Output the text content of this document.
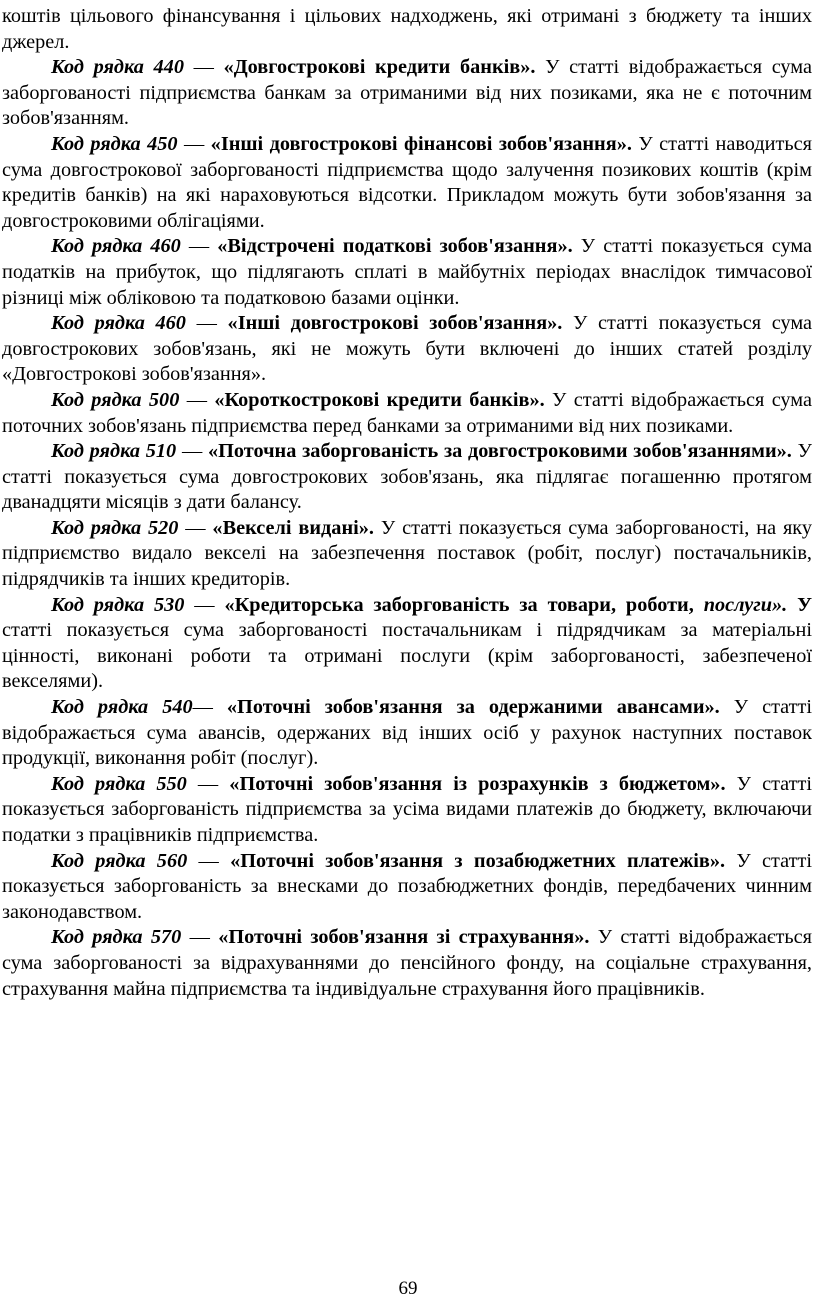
коштів цільового фінансування і цільових надходжень, які отримані з бюджету та інших джерел.

Код рядка 440 — «Довгострокові кредити банків». У статті відображається сума заборгованості підприємства банкам за отриманими від них позиками, яка не є поточним зобов'язанням.

Код рядка 450 — «Інші довгострокові фінансові зобов'язання». У статті наводиться сума довгострокової заборгованості підприємства щодо залучення позикових коштів (крім кредитів банків) на які нараховуються відсотки. Прикладом можуть бути зобов'язання за довгостроковими облігаціями.

Код рядка 460 — «Відстрочені податкові зобов'язання». У статті показується сума податків на прибуток, що підлягають сплаті в майбутніх періодах внаслідок тимчасової різниці між обліковою та податковою базами оцінки.

Код рядка 460 — «Інші довгострокові зобов'язання». У статті показується сума довгострокових зобов'язань, які не можуть бути включені до інших статей розділу «Довгострокові зобов'язання».

Код рядка 500 — «Короткострокові кредити банків». У статті відображається сума поточних зобов'язань підприємства перед банками за отриманими від них позиками.

Код рядка 510 — «Поточна заборгованість за довгостроковими зобов'язаннями». У статті показується сума довгострокових зобов'язань, яка підлягає погашенню протягом дванадцяти місяців з дати балансу.

Код рядка 520 — «Векселі видані». У статті показується сума заборгованості, на яку підприємство видало векселі на забезпечення поставок (робіт, послуг) постачальників, підрядчиків та інших кредиторів.

Код рядка 530 — «Кредиторська заборгованість за товари, роботи, послуги». У статті показується сума заборгованості постачальникам і підрядчикам за матеріальні цінності, виконані роботи та отримані послуги (крім заборгованості, забезпеченої векселями).

Код рядка 540— «Поточні зобов'язання за одержаними авансами». У статті відображається сума авансів, одержаних від інших осіб у рахунок наступних поставок продукції, виконання робіт (послуг).

Код рядка 550 — «Поточні зобов'язання із розрахунків з бюджетом». У статті показується заборгованість підприємства за усіма видами платежів до бюджету, включаючи податки з працівників підприємства.

Код рядка 560 — «Поточні зобов'язання з позабюджетних платежів». У статті показується заборгованість за внесками до позабюджетних фондів, передбачених чинним законодавством.

Код рядка 570 — «Поточні зобов'язання зі страхування». У статті відображається сума заборгованості за відрахуваннями до пенсійного фонду, на соціальне страхування, страхування майна підприємства та індивідуальне страхування його працівників.

69
